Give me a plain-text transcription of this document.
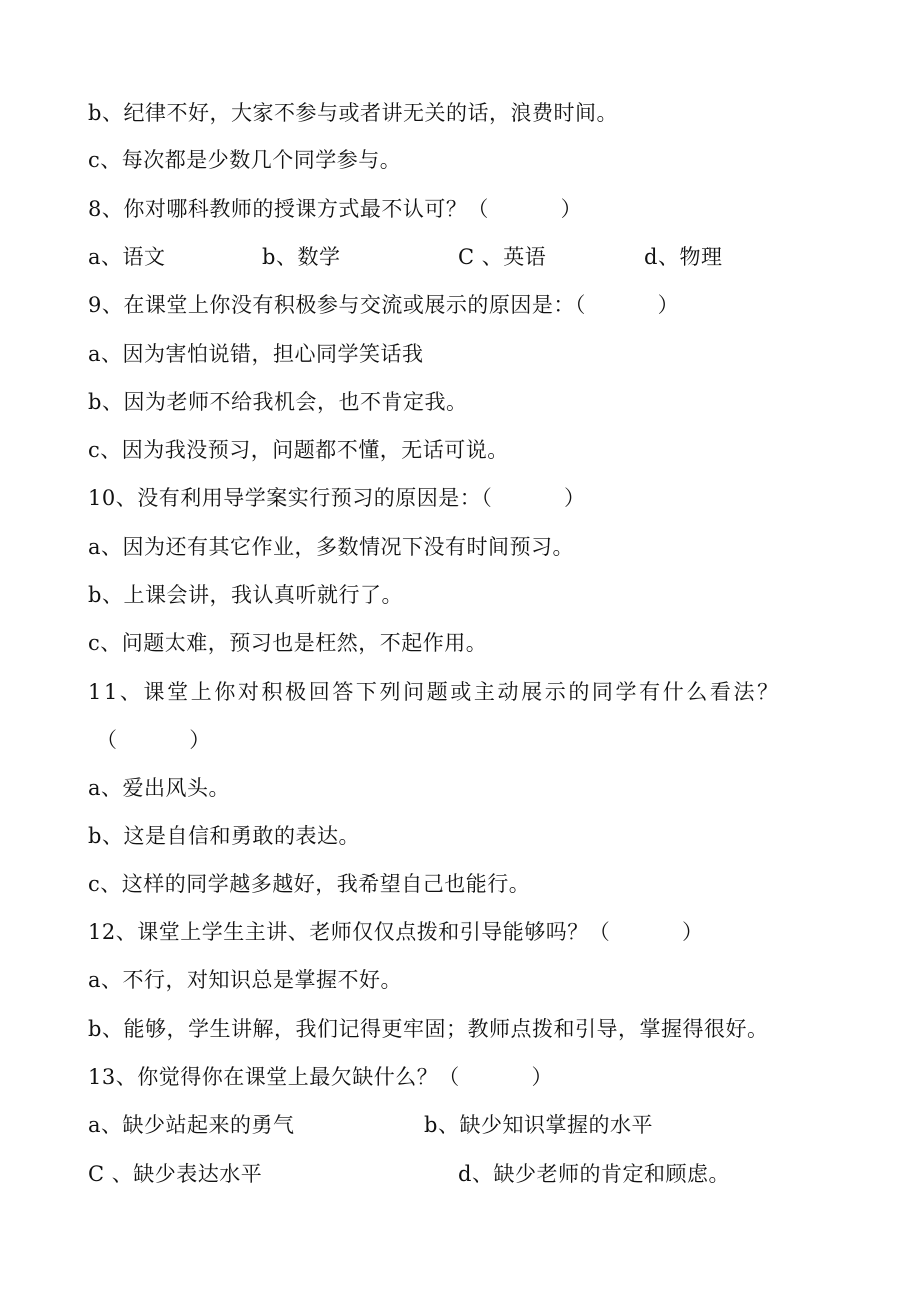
b、纪律不好，大家不参与或者讲无关的话，浪费时间。
c、每次都是少数几个同学参与。
8、你对哪科教师的授课方式最不认可？（          ）
a、语文	b、数学	C 、英语	d、物理
9、在课堂上你没有积极参与交流或展示的原因是：（          ）
a、因为害怕说错，担心同学笑话我
b、因为老师不给我机会，也不肯定我。
c、因为我没预习，问题都不懂，无话可说。
10、没有利用导学案实行预习的原因是：（          ）
a、因为还有其它作业，多数情况下没有时间预习。
b、上课会讲，我认真听就行了。
c、问题太难，预习也是枉然，不起作用。
11、课堂上你对积极回答下列问题或主动展示的同学有什么看法？
（          ）
a、爱出风头。
b、这是自信和勇敢的表达。
c、这样的同学越多越好，我希望自己也能行。
12、课堂上学生主讲、老师仅仅点拨和引导能够吗？（          ）
a、不行，对知识总是掌握不好。
b、能够，学生讲解，我们记得更牢固；教师点拨和引导，掌握得很好。
13、你觉得你在课堂上最欠缺什么？（          ）
a、缺少站起来的勇气	b、缺少知识掌握的水平
C 、缺少表达水平	d、缺少老师的肯定和顾虑。
